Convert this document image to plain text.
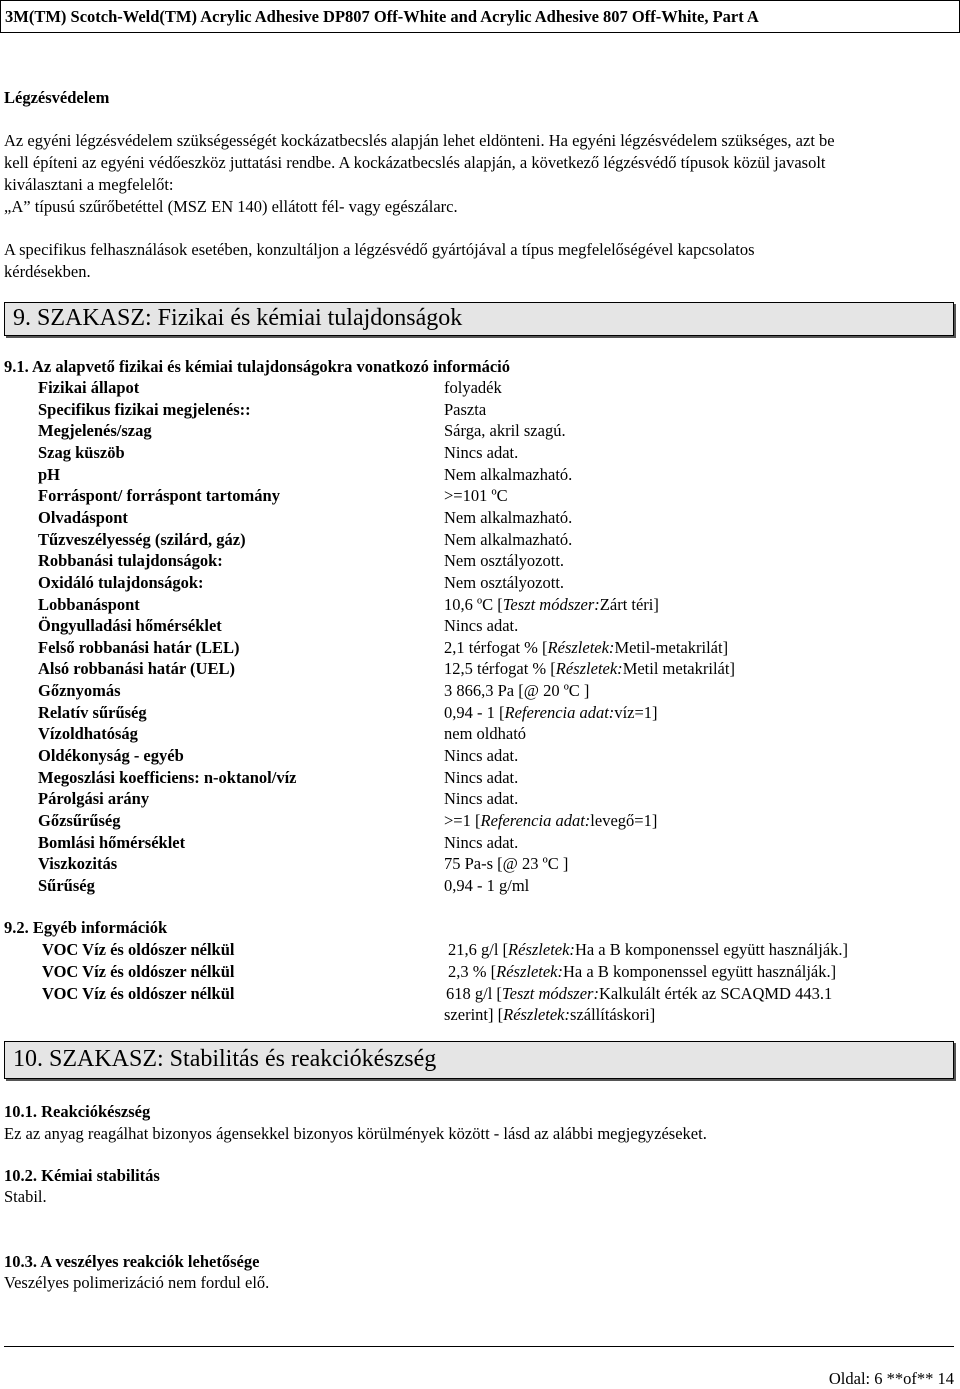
3M(TM) Scotch-Weld(TM) Acrylic Adhesive DP807 Off-White and Acrylic Adhesive 807 Off-White, Part A
Légzésvédelem
Az egyéni légzésvédelem szükségességét kockázatbecslés alapján lehet eldönteni. Ha egyéni légzésvédelem szükséges, azt be
kell építeni az egyéni védőeszköz juttatási rendbe. A kockázatbecslés alapján, a következő légzésvédő típusok közül javasolt
kiválasztani a megfelelőt:
„A” típusú szűrőbetéttel (MSZ EN 140) ellátott fél- vagy egészálarc.
A specifikus felhasználások esetében, konzultáljon a légzésvédő gyártójával a típus megfelelőségével kapcsolatos
kérdésekben.
9. SZAKASZ: Fizikai és kémiai tulajdonságok
9.1. Az alapvető fizikai és kémiai tulajdonságokra vonatkozó információ
Fizikai állapot	folyadék
Specifikus fizikai megjelenés::	Paszta
Megjelenés/szag	Sárga, akril szagú.
Szag küszöb	Nincs adat.
pH	Nem alkalmazható.
Forráspont/ forráspont tartomány	>=101 ºC
Olvadáspont	Nem alkalmazható.
Tűzveszélyesség (szilárd, gáz)	Nem alkalmazható.
Robbanási tulajdonságok:	Nem osztályozott.
Oxidáló tulajdonságok:	Nem osztályozott.
Lobbanáspont	10,6 ºC [Teszt módszer:Zárt téri]
Öngyulladási hőmérséklet	Nincs adat.
Felső robbanási határ (LEL)	2,1 térfogat % [Részletek:Metil-metakrilát]
Alsó robbanási határ (UEL)	12,5 térfogat % [Részletek:Metil metakrilát]
Gőznyomás	3 866,3 Pa [@ 20 ºC ]
Relatív sűrűség	0,94 - 1 [Referencia adat:víz=1]
Vízoldhatóság	nem oldható
Oldékonyság - egyéb	Nincs adat.
Megoszlási koefficiens: n-oktanol/víz	Nincs adat.
Párolgási arány	Nincs adat.
Gőzsűrűség	>=1 [Referencia adat:levegő=1]
Bomlási hőmérséklet	Nincs adat.
Viszkozitás	75 Pa-s [@ 23 ºC ]
Sűrűség	0,94 - 1 g/ml
9.2. Egyéb információk
VOC Víz és oldószer nélkül	21,6 g/l [Részletek:Ha a B komponenssel együtt használják.]
VOC Víz és oldószer nélkül	2,3 % [Részletek:Ha a B komponenssel együtt használják.]
VOC Víz és oldószer nélkül	618 g/l [Teszt módszer:Kalkulált érték az SCAQMD 443.1
szerint] [Részletek:szállításkori]
10. SZAKASZ: Stabilitás és reakciókészség
10.1. Reakciókészség
Ez az anyag reagálhat bizonyos ágensekkel bizonyos körülmények között - lásd az alábbi megjegyzéseket.
10.2. Kémiai stabilitás
Stabil.
10.3. A veszélyes reakciók lehetősége
Veszélyes polimerizáció nem fordul elő.
Oldal: 6 **of** 14
